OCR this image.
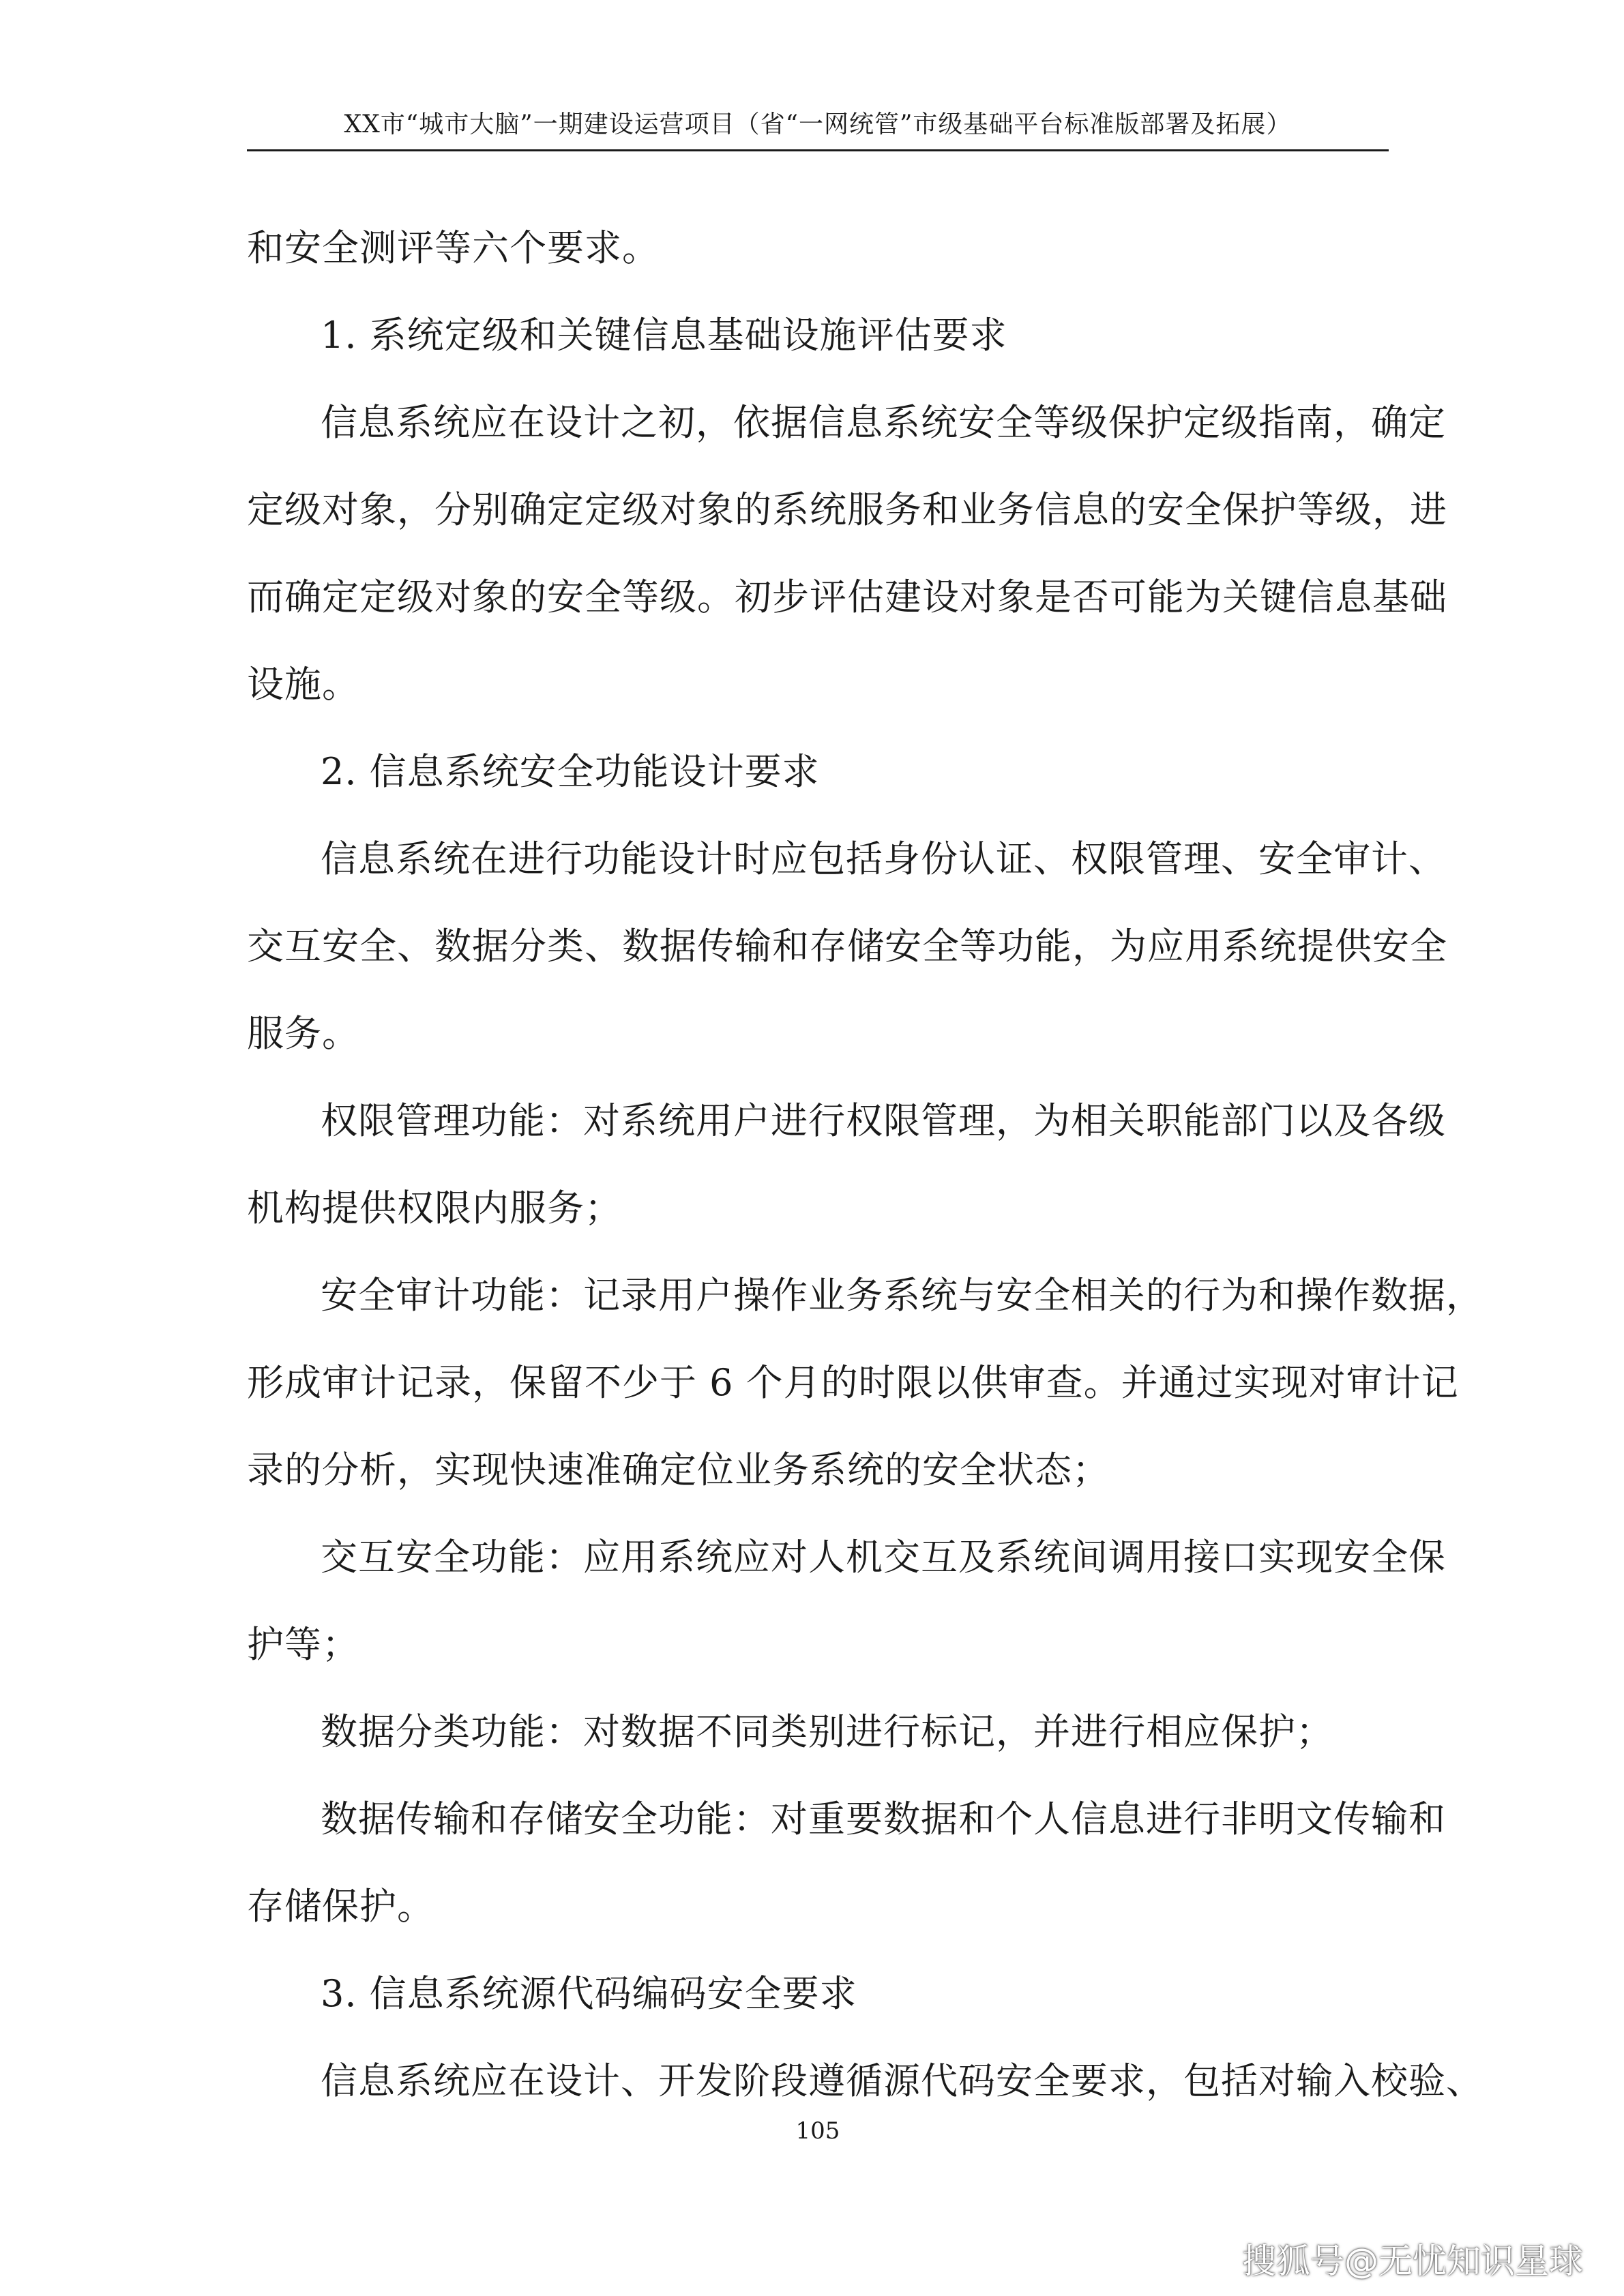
XX市“城市大脑”一期建设运营项目（省“一网统管”市级基础平台标准版部署及拓展）
和安全测评等六个要求。
1. 系统定级和关键信息基础设施评估要求
信息系统应在设计之初，依据信息系统安全等级保护定级指南，确定
定级对象，分别确定定级对象的系统服务和业务信息的安全保护等级，进
而确定定级对象的安全等级。初步评估建设对象是否可能为关键信息基础
设施。
2. 信息系统安全功能设计要求
信息系统在进行功能设计时应包括身份认证、权限管理、安全审计、
交互安全、数据分类、数据传输和存储安全等功能，为应用系统提供安全
服务。
权限管理功能：对系统用户进行权限管理，为相关职能部门以及各级
机构提供权限内服务；
安全审计功能：记录用户操作业务系统与安全相关的行为和操作数据，
形成审计记录，保留不少于 6 个月的时限以供审查。并通过实现对审计记
录的分析，实现快速准确定位业务系统的安全状态；
交互安全功能：应用系统应对人机交互及系统间调用接口实现安全保
护等；
数据分类功能：对数据不同类别进行标记，并进行相应保护；
数据传输和存储安全功能：对重要数据和个人信息进行非明文传输和
存储保护。
3. 信息系统源代码编码安全要求
信息系统应在设计、开发阶段遵循源代码安全要求，包括对输入校验、
105
搜狐号@无忧知识星球
